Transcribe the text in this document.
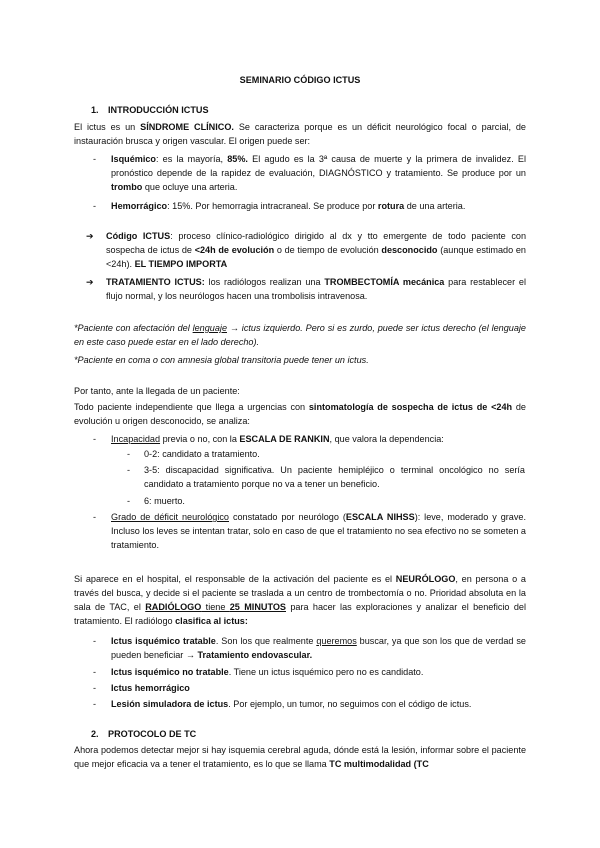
SEMINARIO CÓDIGO ICTUS
1. INTRODUCCIÓN ICTUS
El ictus es un SÍNDROME CLÍNICO. Se caracteriza porque es un déficit neurológico focal o parcial, de instauración brusca y origen vascular. El origen puede ser:
- Isquémico: es la mayoría, 85%. El agudo es la 3ª causa de muerte y la primera de invalidez. El pronóstico depende de la rapidez de evaluación, DIAGNÓSTICO y tratamiento. Se produce por un trombo que ocluye una arteria.
- Hemorrágico: 15%. Por hemorragia intracraneal. Se produce por rotura de una arteria.
➔ Código ICTUS: proceso clínico-radiológico dirigido al dx y tto emergente de todo paciente con sospecha de ictus de <24h de evolución o de tiempo de evolución desconocido (aunque estimado en <24h). EL TIEMPO IMPORTA
➔ TRATAMIENTO ICTUS: los radiólogos realizan una TROMBECTOMÍA mecánica para restablecer el flujo normal, y los neurólogos hacen una trombolisis intravenosa.
*Paciente con afectación del lenguaje → ictus izquierdo. Pero si es zurdo, puede ser ictus derecho (el lenguaje en este caso puede estar en el lado derecho).
*Paciente en coma o con amnesia global transitoria puede tener un ictus.
Por tanto, ante la llegada de un paciente:
Todo paciente independiente que llega a urgencias con sintomatología de sospecha de ictus de <24h de evolución u origen desconocido, se analiza:
- Incapacidad previa o no, con la ESCALA DE RANKIN, que valora la dependencia:
- 0-2: candidato a tratamiento.
- 3-5: discapacidad significativa. Un paciente hemipléjico o terminal oncológico no sería candidato a tratamiento porque no va a tener un beneficio.
- 6: muerto.
- Grado de déficit neurológico constatado por neurólogo (ESCALA NIHSS): leve, moderado y grave. Incluso los leves se intentan tratar, solo en caso de que el tratamiento no sea efectivo no se someten a tratamiento.
Si aparece en el hospital, el responsable de la activación del paciente es el NEURÓLOGO, en persona o a través del busca, y decide si el paciente se traslada a un centro de trombectomía o no. Prioridad absoluta en la sala de TAC, el RADIÓLOGO tiene 25 MINUTOS para hacer las exploraciones y analizar el beneficio del tratamiento. El radiólogo clasifica al ictus:
- Ictus isquémico tratable. Son los que realmente queremos buscar, ya que son los que de verdad se pueden beneficiar → Tratamiento endovascular.
- Ictus isquémico no tratable. Tiene un ictus isquémico pero no es candidato.
- Ictus hemorrágico
- Lesión simuladora de ictus. Por ejemplo, un tumor, no seguimos con el código de ictus.
2. PROTOCOLO DE TC
Ahora podemos detectar mejor si hay isquemia cerebral aguda, dónde está la lesión, informar sobre el paciente que mejor eficacia va a tener el tratamiento, es lo que se llama TC multimodalidad (TC
